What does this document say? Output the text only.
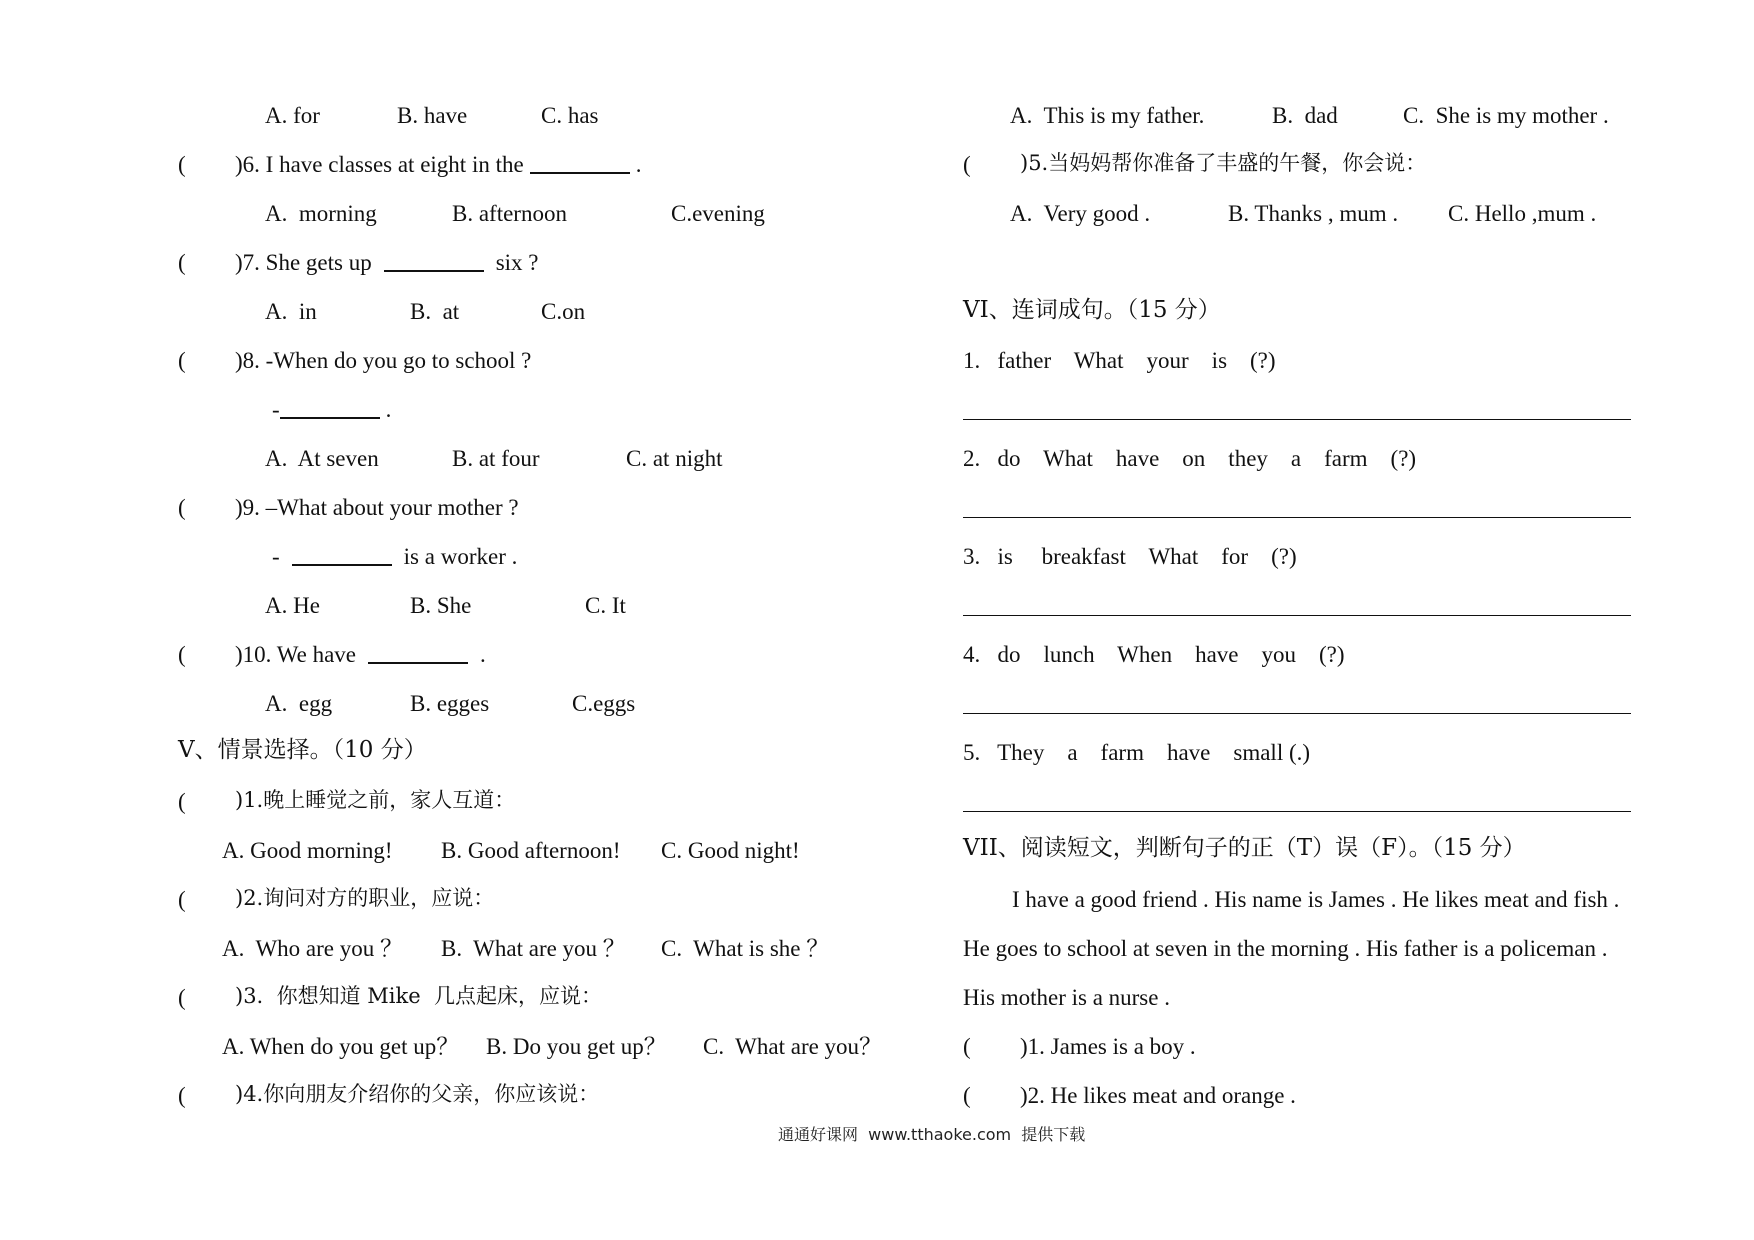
A. for	B. have	C. has
( )6. I have classes at eight in the	.
A.  morning	B. afternoon	C.evening
( )7. She gets up	six ?
A.  in	B.  at	C.on
( )8. -When do you go to school ?
-	.
A.  At seven	B. at four	C. at night
( )9. –What about your mother ?
-	is a worker .
A. He	B. She	C. It
( )10. We have	.
A.  egg	B. egges	C.eggs
V、情景选择。（10 分）
( )1.晚上睡觉之前，家人互道：
A. Good morning! B. Good afternoon! C. Good night!
( )2.询问对方的职业，应说：
A.  Who are you ？ B.  What are you ？ C.  What is she ？
( )3.  你想知道 Mike  几点起床，应说：
A. When do you get up？ B. Do you get up？ C.  What are you？
( )4.你向朋友介绍你的父亲，你应该说：
A.  This is my father.	B.  dad	C.  She is my mother .
( )5.当妈妈帮你准备了丰盛的午餐，你会说：
A.  Very good .	B. Thanks , mum . C. Hello ,mum .
VI、连词成句。（15 分）
1.   father    What    your    is    (?)
2.   do    What    have    on    they    a    farm    (?)
3.   is     breakfast    What    for    (?)
4.   do    lunch    When    have    you    (?)
5.   They    a    farm    have    small (.)
VII、阅读短文，判断句子的正（T）误（F）。（15 分）
I have a good friend . His name is James . He likes meat and fish .
He goes to school at seven in the morning . His father is a policeman .
His mother is a nurse .
( )1. James is a boy .
( )2. He likes meat and orange .
通通好课网  www.tthaoke.com  提供下载
